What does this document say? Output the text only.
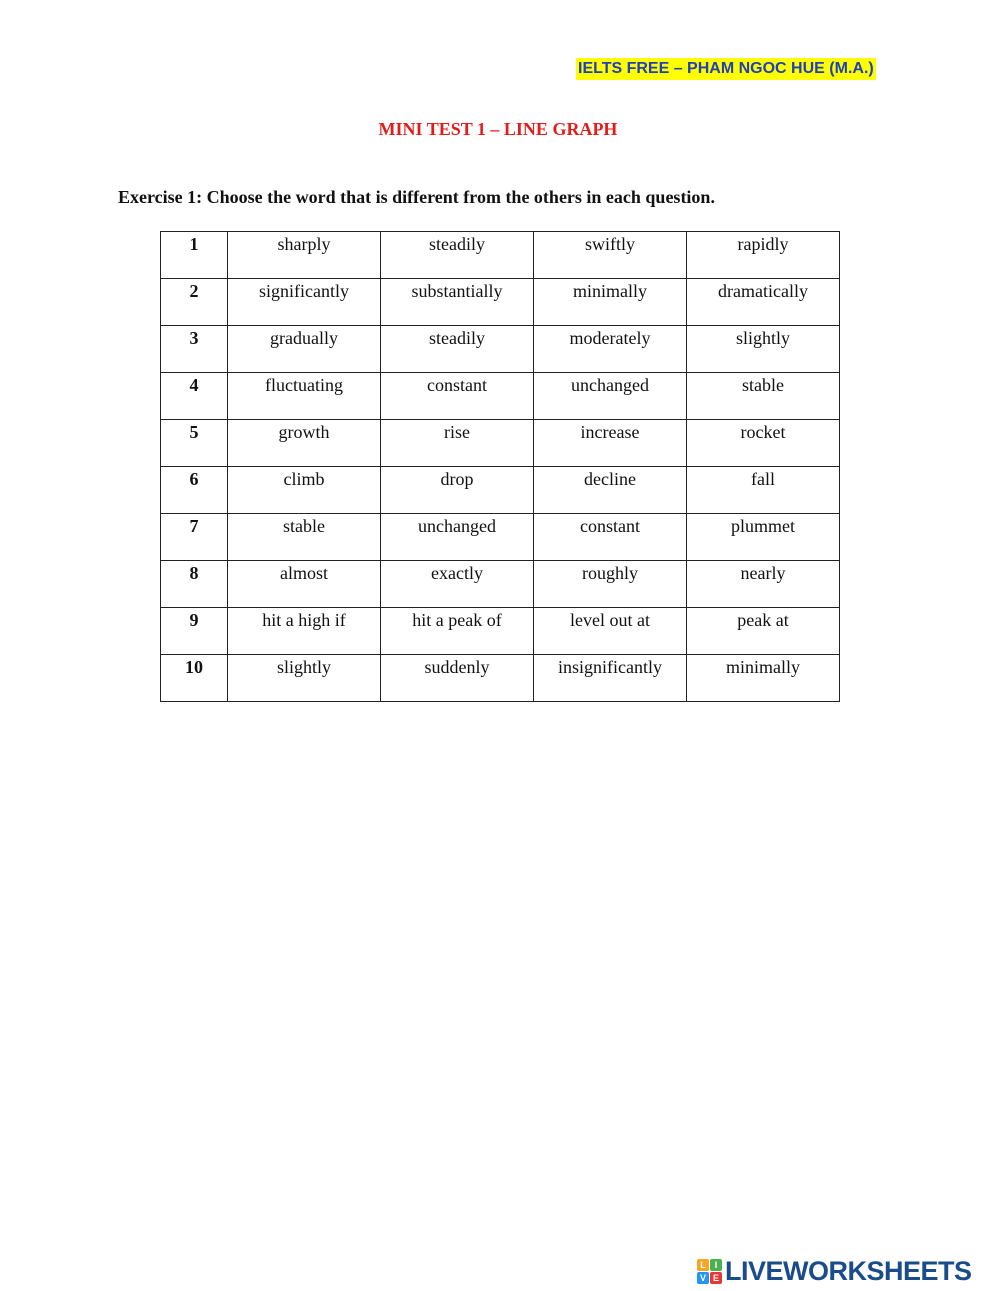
IELTS FREE – PHAM NGOC HUE (M.A.)
MINI TEST 1 – LINE GRAPH
Exercise 1: Choose the word that is different from the others in each question.
1	sharply	steadily	swiftly	rapidly
2	significantly	substantially	minimally	dramatically
3	gradually	steadily	moderately	slightly
4	fluctuating	constant	unchanged	stable
5	growth	rise	increase	rocket
6	climb	drop	decline	fall
7	stable	unchanged	constant	plummet
8	almost	exactly	roughly	nearly
9	hit a high if	hit a peak of	level out at	peak at
10	slightly	suddenly	insignificantly	minimally
L I
V E LIVEWORKSHEETS
